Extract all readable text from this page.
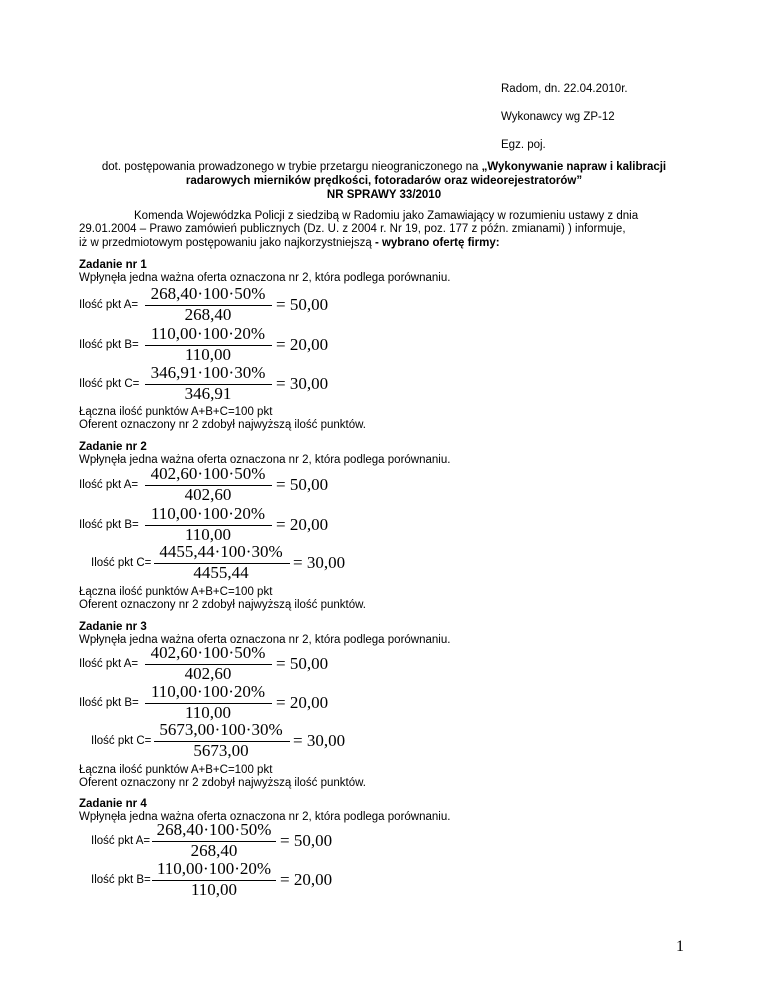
Radom, dn. 22.04.2010r.
Wykonawcy wg ZP-12
Egz. poj.
dot. postępowania prowadzonego w trybie przetargu nieograniczonego na „Wykonywanie napraw i kalibracji
radarowych mierników prędkości, fotoradarów oraz wideorejestratorów”
NR SPRAWY 33/2010
Komenda Wojewódzka Policji z siedzibą w Radomiu jako Zamawiający w rozumieniu ustawy z dnia
29.01.2004 – Prawo zamówień publicznych (Dz. U. z 2004 r. Nr 19, poz. 177 z późn. zmianami) ) informuje,
iż w przedmiotowym postępowaniu jako najkorzystniejszą - wybrano ofertę firmy:
Zadanie nr 1
Wpłynęła jedna ważna oferta oznaczona nr 2, która podlega porównaniu.
Ilość pkt A=
268,40·100·50%
268,40
= 50,00
Ilość pkt B=
110,00·100·20%
110,00
= 20,00
Ilość pkt C=
346,91·100·30%
346,91
= 30,00
Łączna ilość punktów A+B+C=100 pkt
Oferent oznaczony nr 2 zdobył najwyższą ilość punktów.
Zadanie nr 2
Wpłynęła jedna ważna oferta oznaczona nr 2, która podlega porównaniu.
Ilość pkt A=
402,60·100·50%
402,60
= 50,00
Ilość pkt B=
110,00·100·20%
110,00
= 20,00
Ilość pkt C=
4455,44·100·30%
4455,44
= 30,00
Łączna ilość punktów A+B+C=100 pkt
Oferent oznaczony nr 2 zdobył najwyższą ilość punktów.
Zadanie nr 3
Wpłynęła jedna ważna oferta oznaczona nr 2, która podlega porównaniu.
Ilość pkt A=
402,60·100·50%
402,60
= 50,00
Ilość pkt B=
110,00·100·20%
110,00
= 20,00
Ilość pkt C=
5673,00·100·30%
5673,00
= 30,00
Łączna ilość punktów A+B+C=100 pkt
Oferent oznaczony nr 2 zdobył najwyższą ilość punktów.
Zadanie nr 4
Wpłynęła jedna ważna oferta oznaczona nr 2, która podlega porównaniu.
Ilość pkt A=
268,40·100·50%
268,40
= 50,00
Ilość pkt B=
110,00·100·20%
110,00
= 20,00
1
